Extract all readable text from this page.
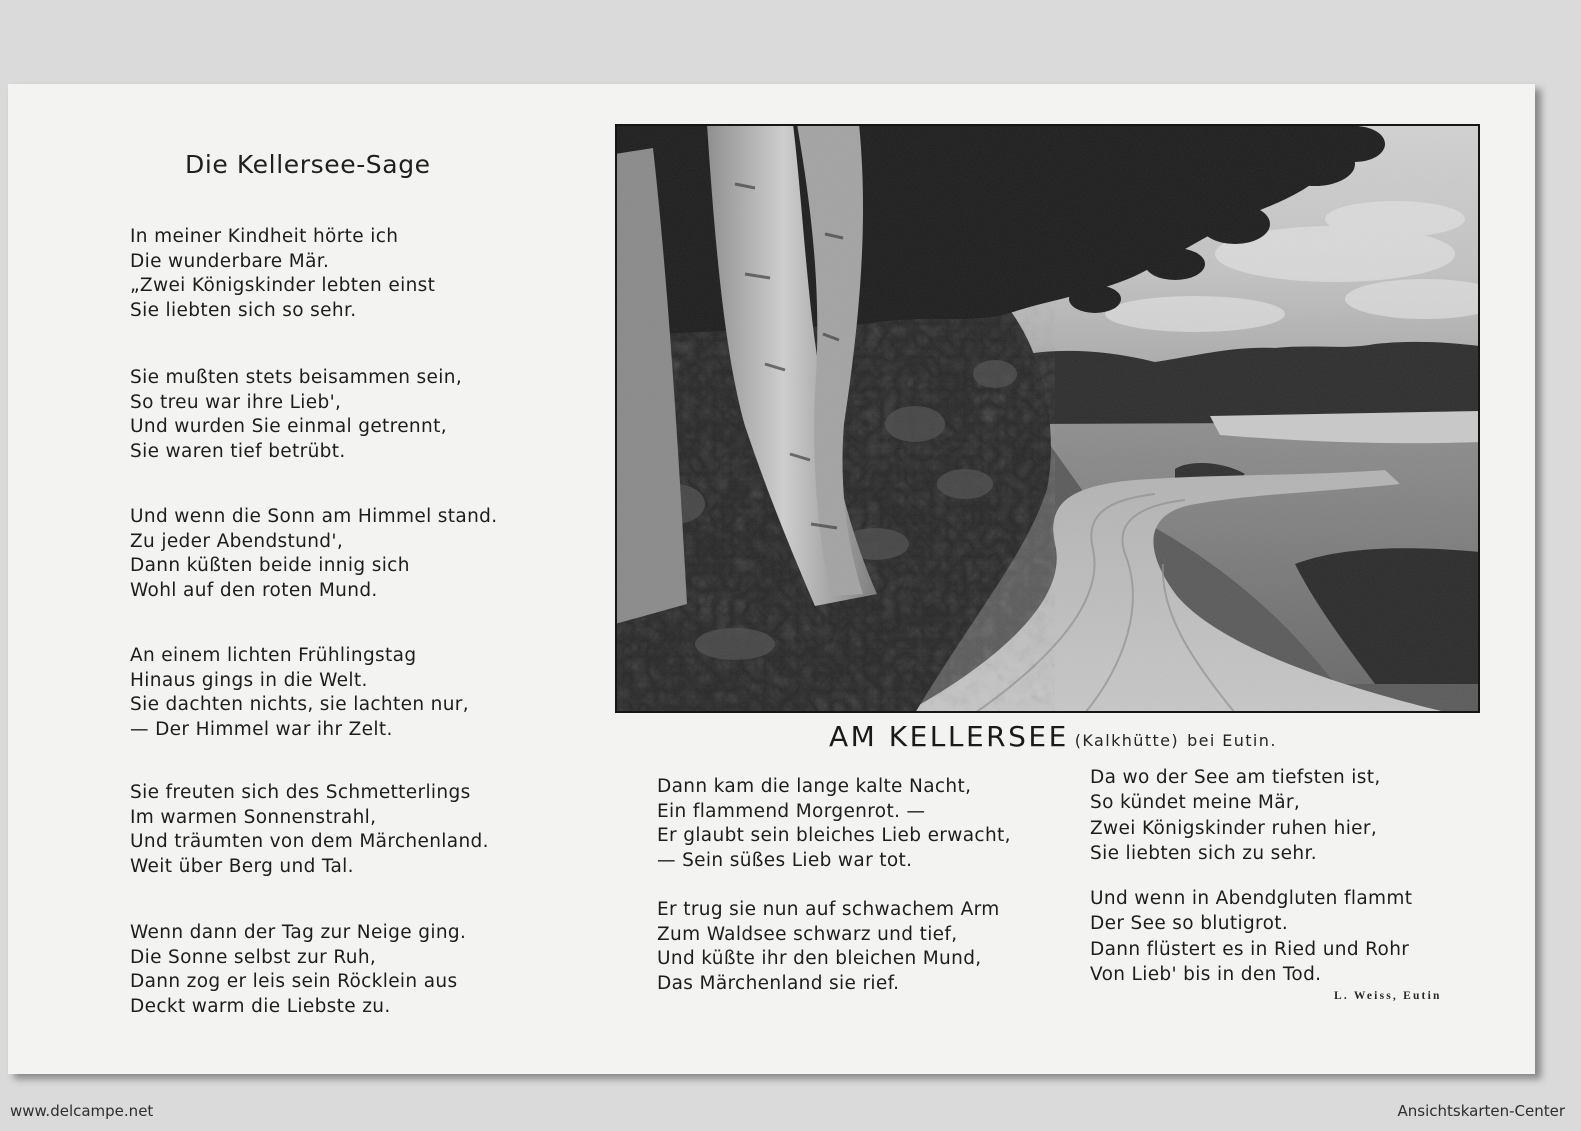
Die Kellersee-Sage
In meiner Kindheit hörte ich
Die wunderbare Mär.
„Zwei Königskinder lebten einst
Sie liebten sich so sehr.
Sie mußten stets beisammen sein,
So treu war ihre Lieb',
Und wurden Sie einmal getrennt,
Sie waren tief betrübt.
Und wenn die Sonn am Himmel stand.
Zu jeder Abendstund',
Dann küßten beide innig sich
Wohl auf den roten Mund.
An einem lichten Frühlingstag
Hinaus gings in die Welt.
Sie dachten nichts, sie lachten nur,
— Der Himmel war ihr Zelt.
Sie freuten sich des Schmetterlings
Im warmen Sonnenstrahl,
Und träumten von dem Märchenland.
Weit über Berg und Tal.
Wenn dann der Tag zur Neige ging.
Die Sonne selbst zur Ruh,
Dann zog er leis sein Röcklein aus
Deckt warm die Liebste zu.
AM KELLERSEE (Kalkhütte) bei Eutin.
Dann kam die lange kalte Nacht,
Ein flammend Morgenrot. —
Er glaubt sein bleiches Lieb erwacht,
— Sein süßes Lieb war tot.
Er trug sie nun auf schwachem Arm
Zum Waldsee schwarz und tief,
Und küßte ihr den bleichen Mund,
Das Märchenland sie rief.
Da wo der See am tiefsten ist,
So kündet meine Mär,
Zwei Königskinder ruhen hier,
Sie liebten sich zu sehr.
Und wenn in Abendgluten flammt
Der See so blutigrot.
Dann flüstert es in Ried und Rohr
Von Lieb' bis in den Tod.
L. Weiss, Eutin
www.delcampe.net	Ansichtskarten-Center
